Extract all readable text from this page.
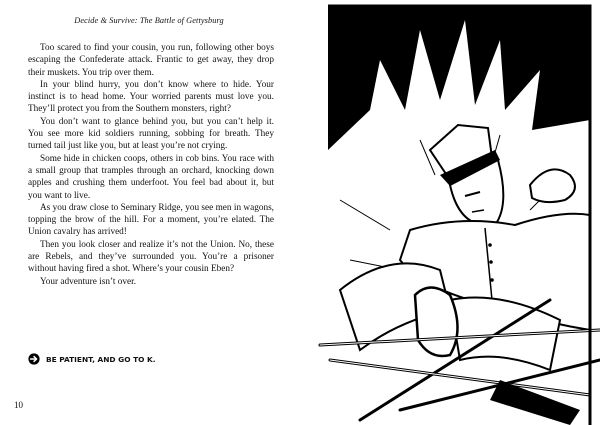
Decide & Survive: The Battle of Gettysburg

Too scared to find your cousin, you run, following other boys escaping the Confederate attack. Frantic to get away, they drop their muskets. You trip over them.

In your blind hurry, you don’t know where to hide. Your instinct is to head home. Your worried parents must love you. They’ll protect you from the Southern monsters, right?

You don’t want to glance behind you, but you can’t help it. You see more kid soldiers running, sobbing for breath. They turned tail just like you, but at least you’re not crying.

Some hide in chicken coops, others in cob bins. You race with a small group that tramples through an orchard, knocking down apples and crushing them underfoot. You feel bad about it, but you want to live.

As you draw close to Seminary Ridge, you see men in wagons, topping the brow of the hill. For a moment, you’re elated. The Union cavalry has arrived!

Then you look closer and realize it’s not the Union. No, these are Rebels, and they’ve surrounded you. You’re a prisoner without having fired a shot. Where’s your cousin Eben?

Your adventure isn’t over.

BE PATIENT, AND GO TO K.
10
